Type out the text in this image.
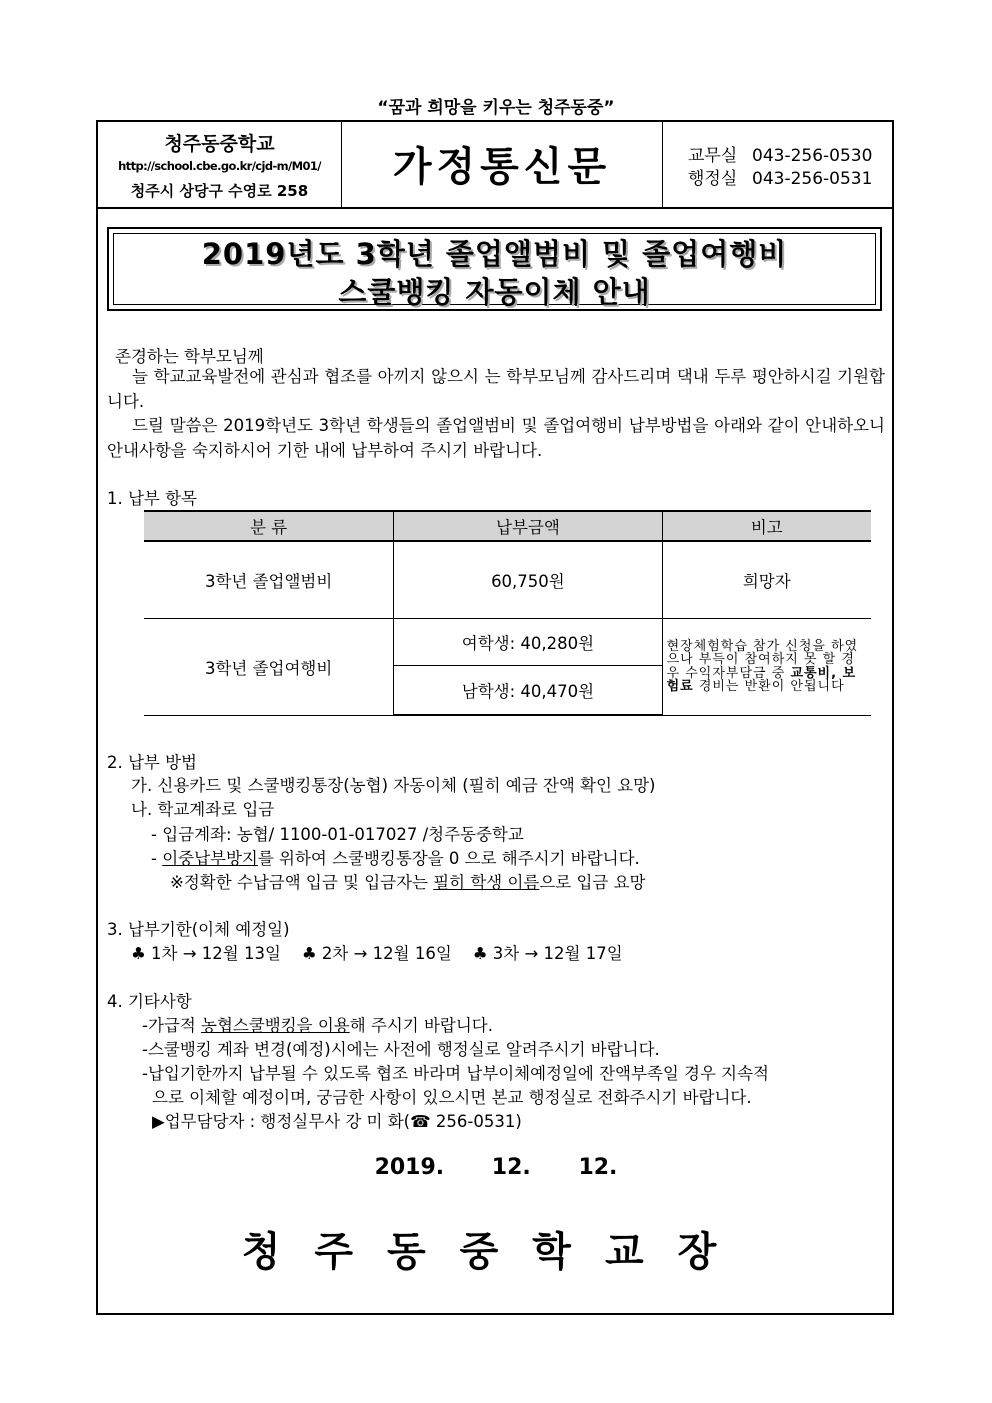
“꿈과 희망을 키우는 청주동중”
청주동중학교
http://school.cbe.go.kr/cjd-m/M01/
청주시 상당구 수영로 258
가정통신문	교무실 043-256-0530
행정실 043-256-0531
2019년도 3학년 졸업앨범비 및 졸업여행비
스쿨뱅킹 자동이체 안내
존경하는 학부모님께
늘 학교교육발전에 관심과 협조를 아끼지 않으시 는 학부모님께 감사드리며 댁내 두루 평안하시길 기원합니다.
드릴 말씀은 2019학년도 3학년 학생들의 졸업앨범비 및 졸업여행비 납부방법을 아래와 같이 안내하오니 안내사항을 숙지하시어 기한 내에 납부하여 주시기 바랍니다.
1. 납부 항목
분 류	납부금액	비고
3학년 졸업앨범비	60,750원	희망자
3학년 졸업여행비	여학생: 40,280원	현장체험학습 참가 신청을 하였으나 부득이 참여하지 못 할 경우 수익자부담금 중 교통비, 보험료 경비는 반환이 안됩니다
	남학생: 40,470원	
2. 납부 방법
가. 신용카드 및 스쿨뱅킹통장(농협) 자동이체 (필히 예금 잔액 확인 요망)
나. 학교계좌로 입금
- 입금계좌: 농협/ 1100-01-017027 /청주동중학교
- 이중납부방지를 위하여 스쿨뱅킹통장을 0 으로 해주시기 바랍니다.
※정확한 수납금액 입금 및 입금자는 필히 학생 이름으로 입금 요망
3. 납부기한(이체 예정일)
♣ 1차 → 12월 13일    ♣ 2차 → 12월 16일    ♣ 3차 → 12월 17일
4. 기타사항
-가급적 농협스쿨뱅킹을 이용해 주시기 바랍니다.
-스쿨뱅킹 계좌 변경(예정)시에는 사전에 행정실로 알려주시기 바랍니다.
-납입기한까지 납부될 수 있도록 협조 바라며 납부이체예정일에 잔액부족일 경우 지속적
으로 이체할 예정이며, 궁금한 사항이 있으시면 본교 행정실로 전화주시기 바랍니다.
▶업무담당자 : 행정실무사 강 미 화(☎ 256-0531)
2019. 12. 12.
청주동중학교장
